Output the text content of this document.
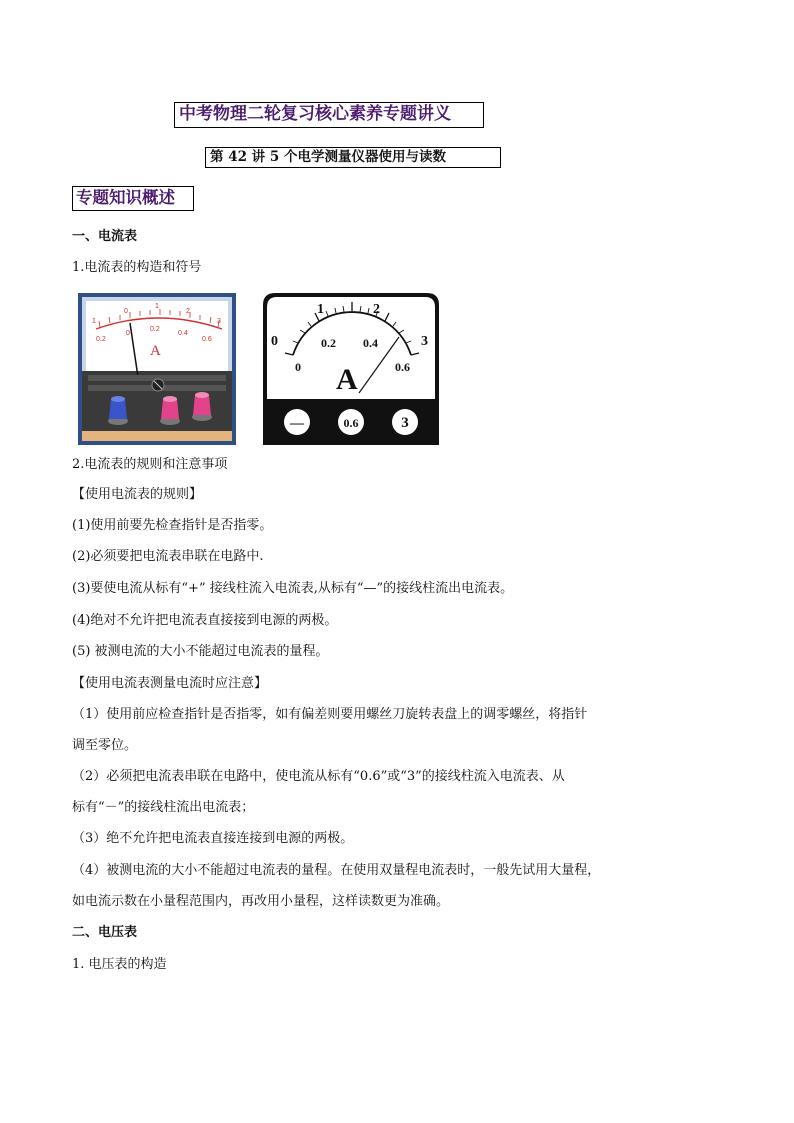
中考物理二轮复习核心素养专题讲义
第 42 讲 5 个电学测量仪器使用与读数
专题知识概述
一、电流表
1.电流表的构造和符号
1
0
1
2
3
0.2
0
0.2
0.4
0.6
A
0
1	2
3
0
0.2 0.4
0.6
A
—	0.6	3
2.电流表的规则和注意事项
【使用电流表的规则】
(1)使用前要先检查指针是否指零。
(2)必须要把电流表串联在电路中.
(3)要使电流从标有“+” 接线柱流入电流表,从标有“—”的接线柱流出电流表。
(4)绝对不允许把电流表直接接到电源的两极。
(5) 被测电流的大小不能超过电流表的量程。
【使用电流表测量电流时应注意】
（1）使用前应检查指针是否指零，如有偏差则要用螺丝刀旋转表盘上的调零螺丝，将指针
调至零位。
（2）必须把电流表串联在电路中，使电流从标有“0.6”或“3”的接线柱流入电流表、从
标有“－”的接线柱流出电流表；
（3）绝不允许把电流表直接连接到电源的两极。
（4）被测电流的大小不能超过电流表的量程。在使用双量程电流表时，一般先试用大量程，
如电流示数在小量程范围内，再改用小量程，这样读数更为准确。
二、电压表
1. 电压表的构造
